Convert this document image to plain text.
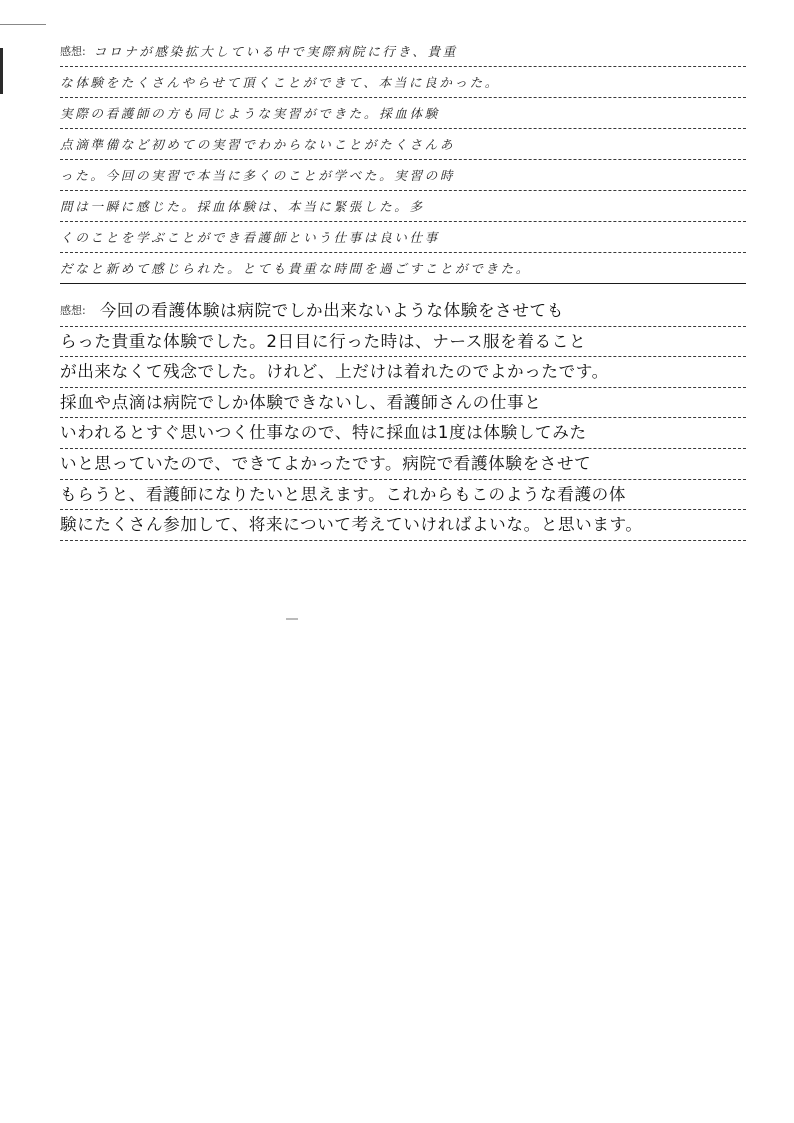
感想: コロナが感染拡大している中で実際病院に行き、貴重
な体験をたくさんやらせて頂くことができて、本当に良かった。
実際の看護師の方も同じような実習ができた。採血体験
点滴準備など初めての実習でわからないことがたくさんあ
った。今回の実習で本当に多くのことが学べた。実習の時
間は一瞬に感じた。採血体験は、本当に緊張した。多
くのことを学ぶことができ看護師という仕事は良い仕事
だなと新めて感じられた。とても貴重な時間を過ごすことができた。
$^{感想:}$ 今回の看護体験は病院でしか出来ないような体験をさせても
らった貴重な体験でした。2日目に行った時は、ナース服を着ること
が出来なくて残念でした。けれど、上だけは着れたのでよかったです。
採血や点滴は病院でしか体験できないし、看護師さんの仕事と
いわれるとすぐ思いつく仕事なので、特に採血は1度は体験してみた
いと思っていたので、できてよかったです。病院で看護体験をさせて
もらうと、看護師になりたいと思えます。これからもこのような看護の体
験にたくさん参加して、将来について考えていければよいな。と思います。
